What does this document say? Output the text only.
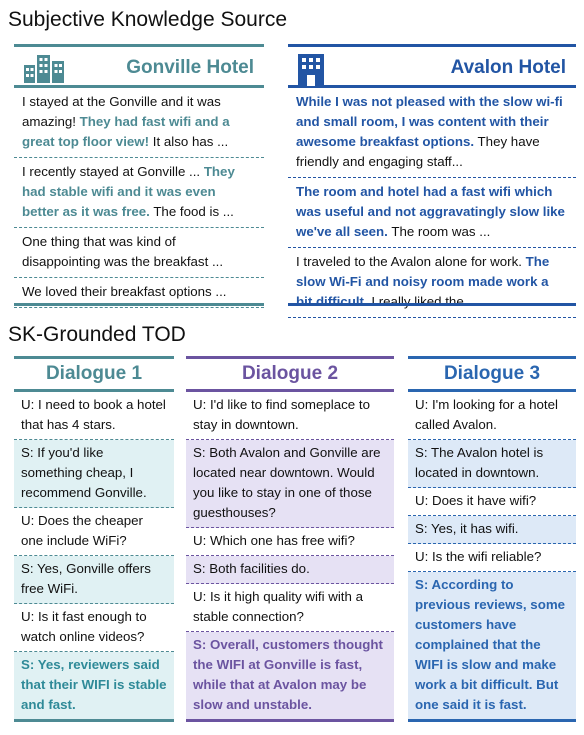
Subjective Knowledge Source
Gonville Hotel
I stayed at the Gonville and it was amazing! They had fast wifi and a great top floor view! It also has ...
I recently stayed at Gonville ... They had stable wifi and it was even better as it was free. The food is ...
One thing that was kind of disappointing was the breakfast ...
We loved their breakfast options ...
Avalon Hotel
While I was not pleased with the slow wi-fi and small room, I was content with their awesome breakfast options. They have friendly and engaging staff...
The room and hotel had a fast wifi which was useful and not aggravatingly slow like we've all seen. The room was ...
I traveled to the Avalon alone for work. The slow Wi-Fi and noisy room made work a bit difficult. I really liked the ...
SK-Grounded TOD
Dialogue 1
U: I need to book a hotel that has 4 stars.
S: If you'd like something cheap, I recommend Gonville.
U: Does the cheaper one include WiFi?
S: Yes, Gonville offers free WiFi.
U: Is it fast enough to watch online videos?
S: Yes, reviewers said that their WIFI is stable and fast.
Dialogue 2
U: I'd like to find someplace to stay in downtown.
S: Both Avalon and Gonville are located near downtown. Would you like to stay in one of those guesthouses?
U: Which one has free wifi?
S: Both facilities do.
U: Is it high quality wifi with a stable connection?
S: Overall, customers thought the WIFI at Gonville is fast, while that at Avalon may be slow and unstable.
Dialogue 3
U: I'm looking for a hotel called Avalon.
S: The Avalon hotel is located in downtown.
U: Does it have wifi?
S: Yes, it has wifi.
U: Is the wifi reliable?
S: According to previous reviews, some customers have complained that the WIFI is slow and make work a bit difficult. But one said it is fast.
